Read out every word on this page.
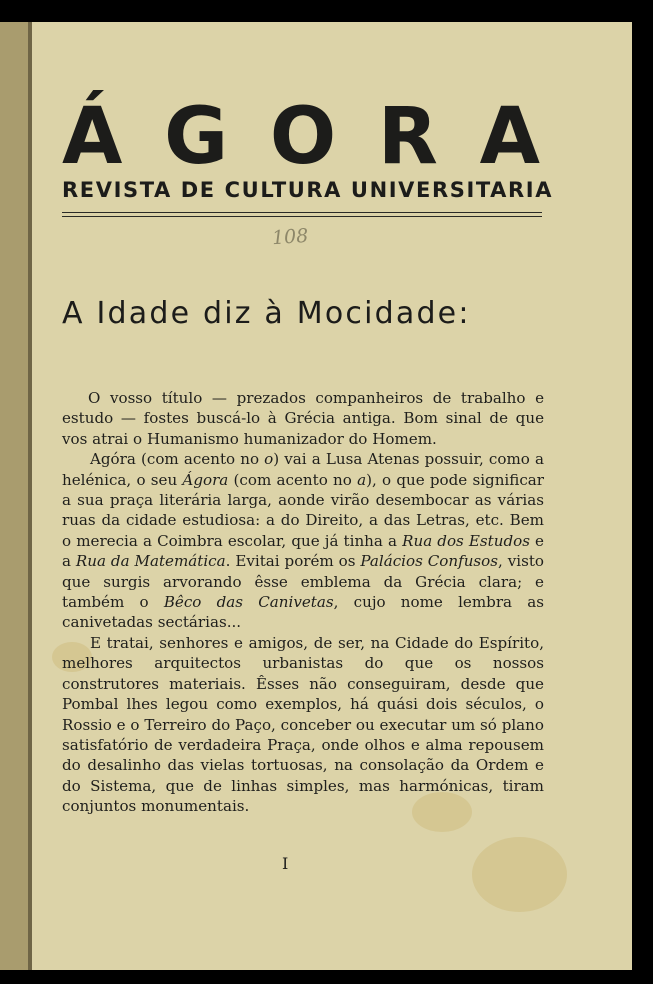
ÁGORA
REVISTA DE CULTURA UNIVERSITARIA
108
A Idade diz à Mocidade:

O vosso título — prezados companheiros de trabalho e estudo — fostes buscá-lo à Grécia antiga. Bom sinal de que vos atrai o Humanismo humanizador do Homem.

Agóra (com acento no o) vai a Lusa Atenas possuir, como a helénica, o seu Ágora (com acento no a), o que pode significar a sua praça literária larga, aonde virão desembocar as várias ruas da cidade estudiosa: a do Direito, a das Letras, etc. Bem o merecia a Coimbra escolar, que já tinha a Rua dos Estudos e a Rua da Matemática. Evitai porém os Palácios Confusos, visto que surgis arvorando êsse emblema da Grécia clara; e também o Bêco das Canivetas, cujo nome lembra as canivetadas sectárias...

E tratai, senhores e amigos, de ser, na Cidade do Espírito, melhores arquitectos urbanistas do que os nossos construtores materiais. Êsses não conseguiram, desde que Pombal lhes legou como exemplos, há quási dois séculos, o Rossio e o Terreiro do Paço, conceber ou executar um só plano satisfatório de verdadeira Praça, onde olhos e alma repousem do desalinho das vielas tortuosas, na consolação da Ordem e do Sistema, que de linhas simples, mas harmónicas, tiram conjuntos monumentais.

I
